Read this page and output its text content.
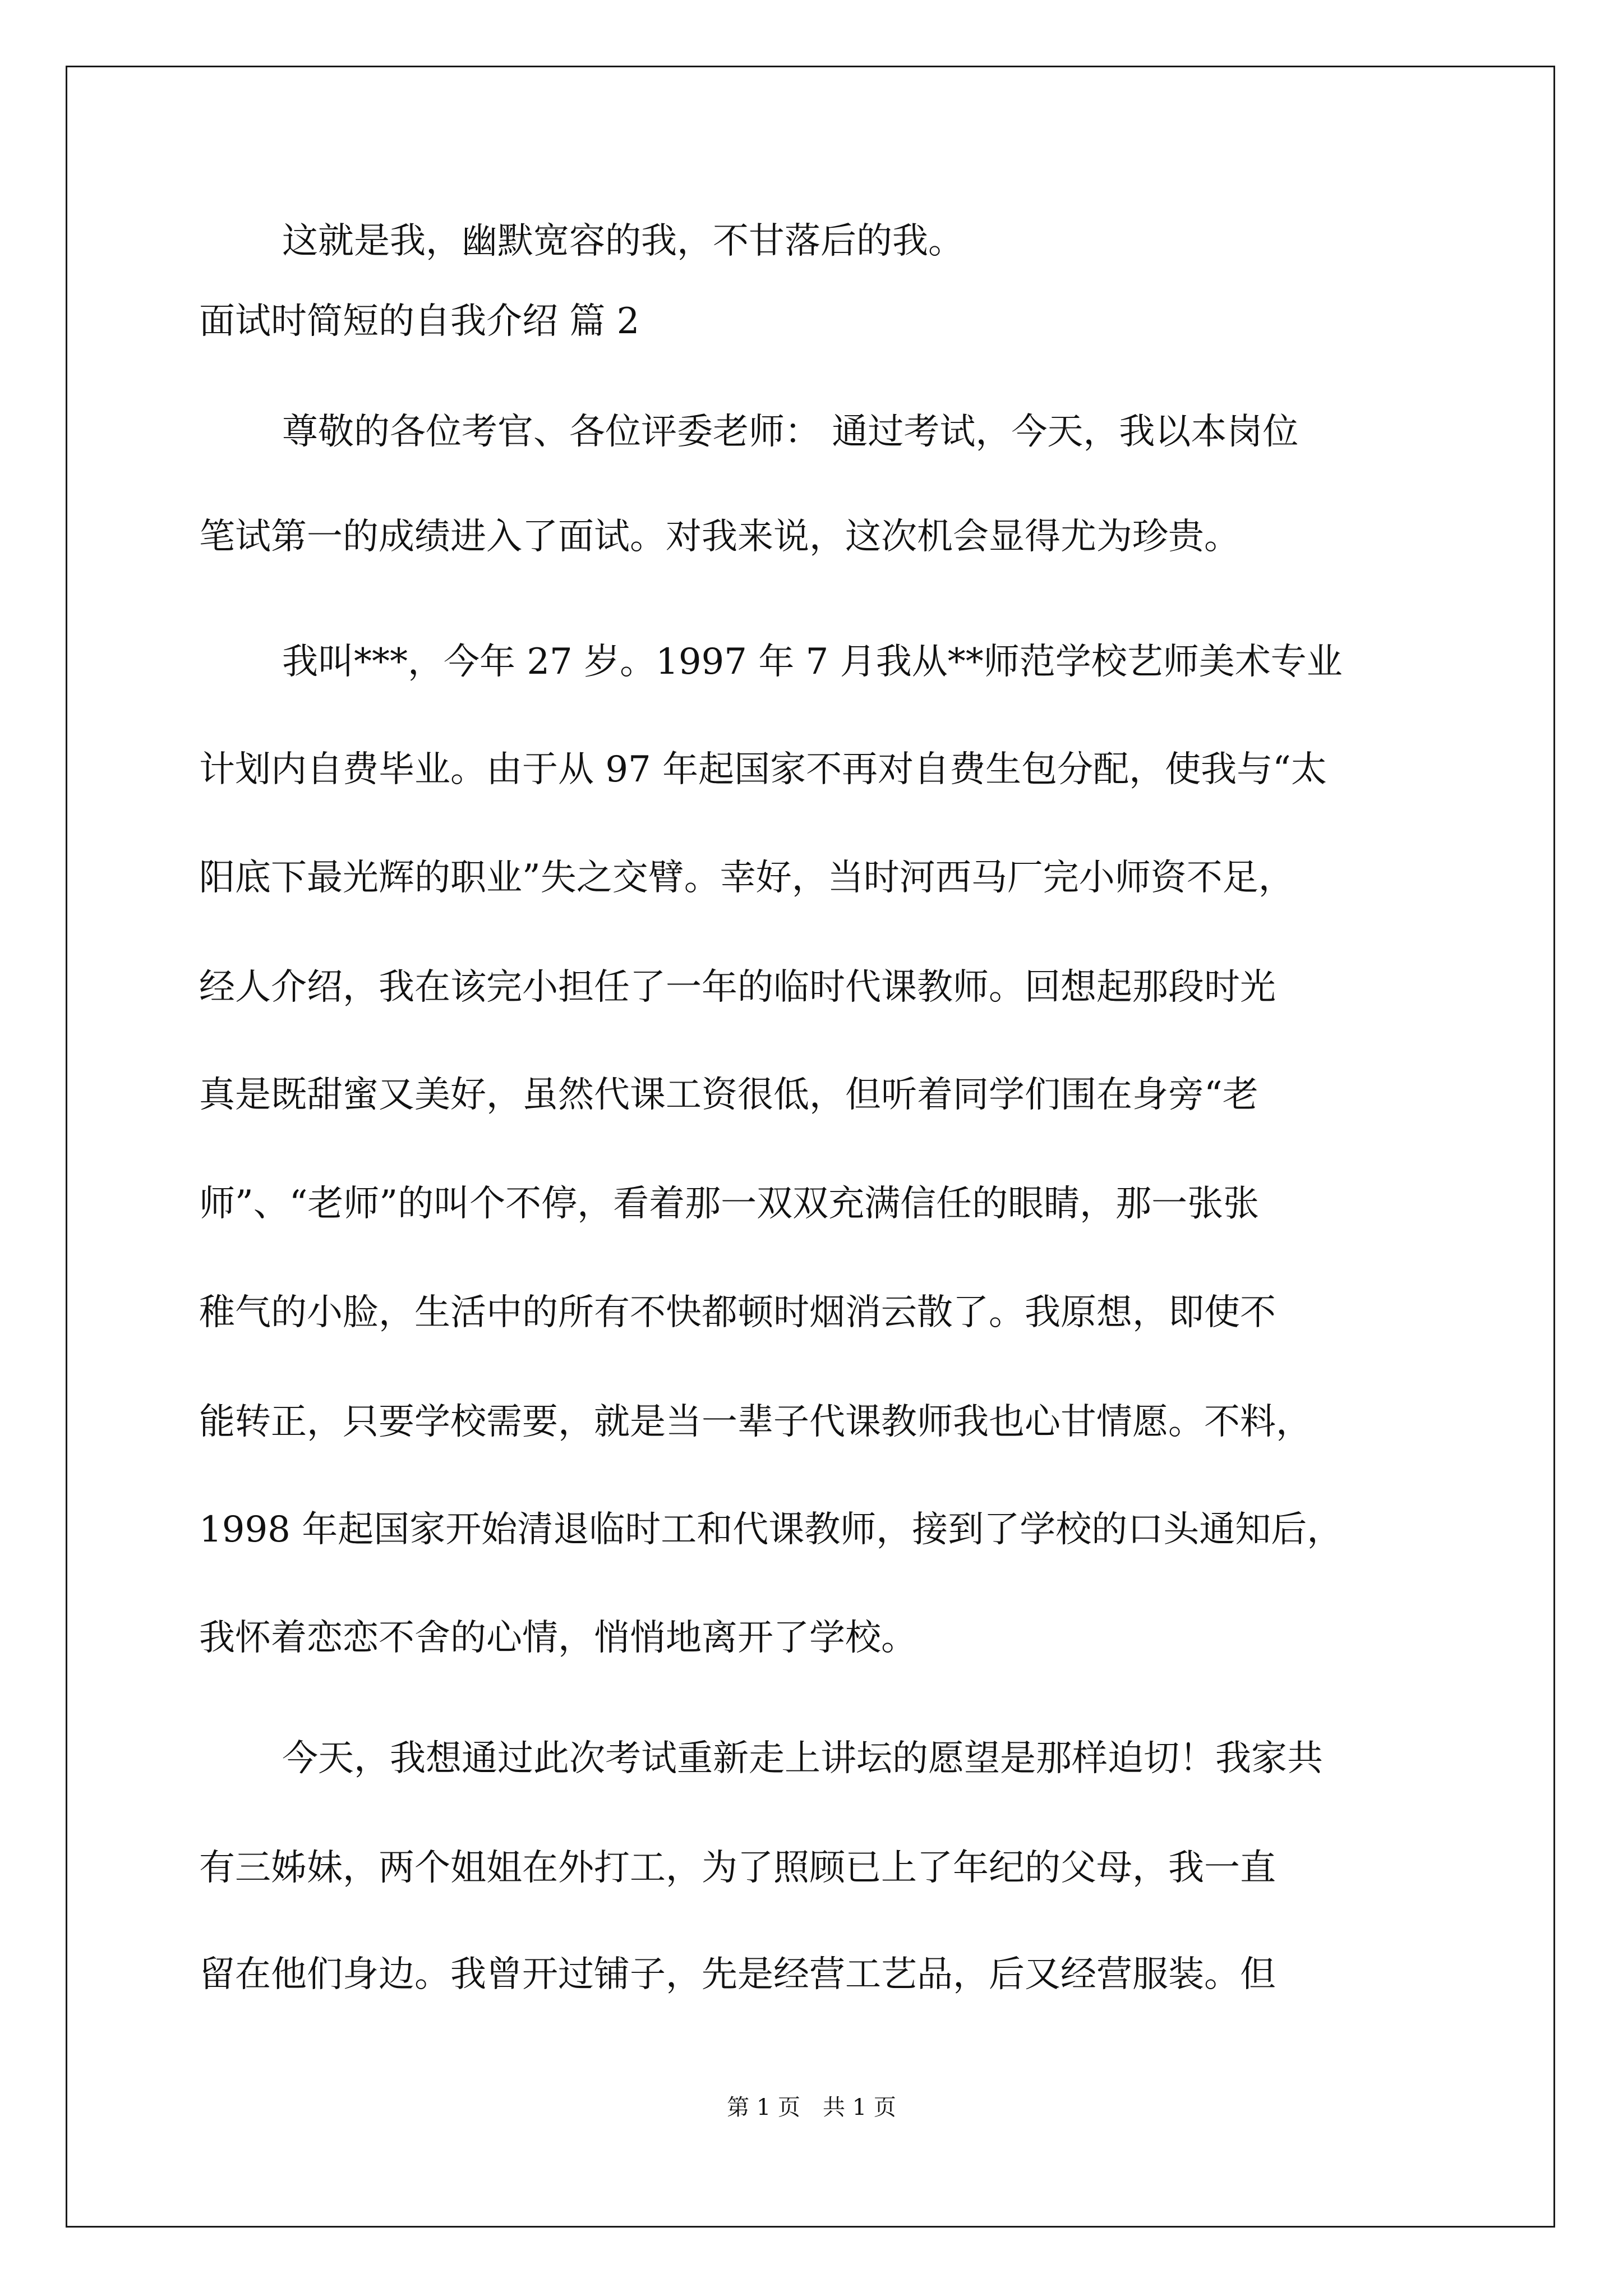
这就是我，幽默宽容的我，不甘落后的我。
面试时简短的自我介绍 篇 2
尊敬的各位考官、各位评委老师： 通过考试，今天，我以本岗位
笔试第一的成绩进入了面试。对我来说，这次机会显得尤为珍贵。
我叫***，今年 27 岁。1997 年 7 月我从**师范学校艺师美术专业
计划内自费毕业。由于从 97 年起国家不再对自费生包分配，使我与“太
阳底下最光辉的职业”失之交臂。幸好，当时河西马厂完小师资不足，
经人介绍，我在该完小担任了一年的临时代课教师。回想起那段时光
真是既甜蜜又美好，虽然代课工资很低，但听着同学们围在身旁“老
师”、“老师”的叫个不停，看着那一双双充满信任的眼睛，那一张张
稚气的小脸，生活中的所有不快都顿时烟消云散了。我原想，即使不
能转正，只要学校需要，就是当一辈子代课教师我也心甘情愿。不料，
1998 年起国家开始清退临时工和代课教师，接到了学校的口头通知后，
我怀着恋恋不舍的心情，悄悄地离开了学校。
今天，我想通过此次考试重新走上讲坛的愿望是那样迫切！我家共
有三姊妹，两个姐姐在外打工，为了照顾已上了年纪的父母，我一直
留在他们身边。我曾开过铺子，先是经营工艺品，后又经营服装。但
第 1 页 共 1 页
